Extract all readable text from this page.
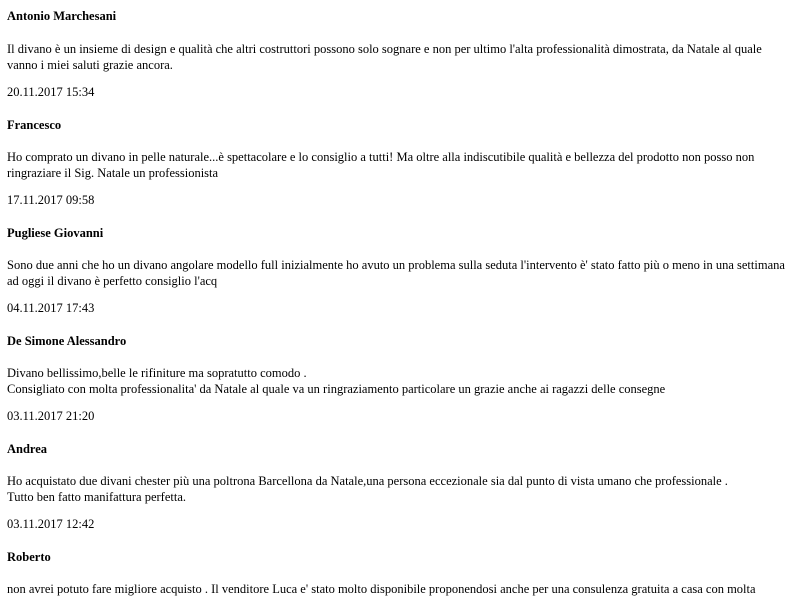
Antonio Marchesani
Il divano è un insieme di design e qualità che altri costruttori possono solo sognare e non per ultimo l'alta professionalità dimostrata, da Natale al quale
vanno i miei saluti grazie ancora.
20.11.2017 15:34
Francesco
Ho comprato un divano in pelle naturale...è spettacolare e lo consiglio a tutti! Ma oltre alla indiscutibile qualità e bellezza del prodotto non posso non
ringraziare il Sig. Natale un professionista
17.11.2017 09:58
Pugliese Giovanni
Sono due anni che ho un divano angolare modello full inizialmente ho avuto un problema sulla seduta l'intervento è' stato fatto più o meno in una settimana
ad oggi il divano è perfetto consiglio l'acq
04.11.2017 17:43
De Simone Alessandro
Divano bellissimo,belle le rifiniture ma sopratutto comodo .
Consigliato con molta professionalita' da Natale al quale va un ringraziamento particolare un grazie anche ai ragazzi delle consegne
03.11.2017 21:20
Andrea
Ho acquistato due divani chester più una poltrona Barcellona da Natale,una persona eccezionale sia dal punto di vista umano che professionale .
Tutto ben fatto manifattura perfetta.
03.11.2017 12:42
Roberto
non avrei potuto fare migliore acquisto . Il venditore Luca e' stato molto disponibile proponendosi anche per una consulenza gratuita a casa con molta
